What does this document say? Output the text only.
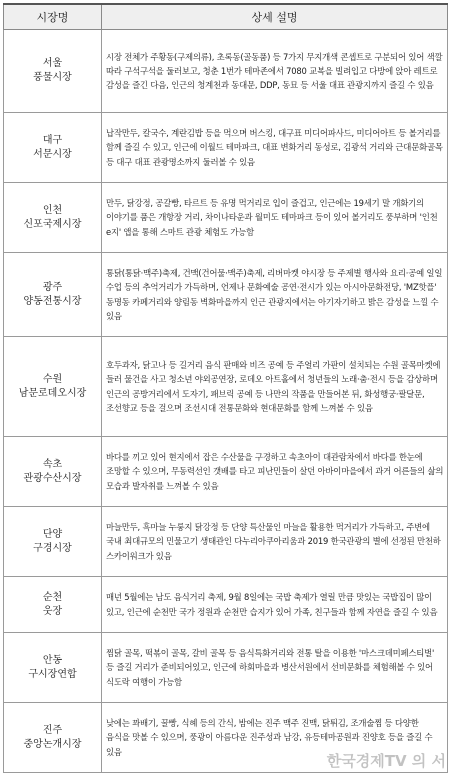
시장명	상세 설명
서울
풍물시장	시장 전체가 주황동(구제의류), 초록동(골동품) 등 7가지 무지개색 콘셉트로 구분되어 있어 색깔 따라 구석구석을 둘러보고, 청춘 1번가 테마존에서 7080 교복을 빌려입고 다방에 앉아 레트로 감성을 즐긴 다음, 인근의 청계천과 동대문, DDP, 동묘 등 서울 대표 관광지까지 즐길 수 있음
대구
서문시장	납작만두, 칼국수, 계란김밥 등을 먹으며 버스킹, 대구표 미디어파사드, 미디어아트 등 볼거리를 함께 즐길 수 있고, 인근에 이월드 테마파크, 대표 변화거리 동성로, 김광석 거리와 근대문화골목 등 대구 대표 관광명소까지 둘러볼 수 있음
인천
신포국제시장	만두, 닭강정, 공갈빵, 타르트 등 유명 먹거리로 입이 즐겁고, 인근에는 19세기 말 개화기의 이야기를 품은 개항장 거리, 차이나타운과 월미도 테마파크 등이 있어 볼거리도 풍부하며 '인천 e지' 앱을 통해 스마트 관광 체험도 가능함
광주
양동전통시장	통닭(통닭·맥주)축제, 건맥(건어물·맥주)축제, 리버마켓 야시장 등 주제별 행사와 요리·공예 일일 수업 등의 추억거리가 가득하며, 언제나 문화예술 공연·전시가 있는 아시아문화전당, 'MZ핫플' 동명동 카페거리와 양림동 벽화마을까지 인근 관광지에서는 아기자기하고 밝은 감성을 느낄 수 있음
수원
남문로데오시장	호두과자, 닭고나 등 길거리 음식 판매와 비즈 공예 등 주얼리 가판이 설치되는 수원 골목마켓에 들러 물건을 사고 청소년 야외공연장, 로데오 아트홀에서 청년들의 노래·춤·전시 등을 감상하며 인근의 공방거리에서 도자기, 패브릭 공예 등 나만의 작품을 만들어본 뒤, 화성행궁·팔달문, 조선향교 등을 걸으며 조선시대 전통문화와 현대문화를 함께 느껴볼 수 있음
속초
관광수산시장	바다를 끼고 있어 현지에서 잡은 수산물을 구경하고 속초아이 대관람차에서 바다를 한눈에 조망할 수 있으며, 무동력선인 갯배를 타고 피난민들이 살던 아바이마을에서 과거 어른들의 삶의 모습과 발자취를 느껴볼 수 있음
단양
구경시장	마늘만두, 흑마늘 누룽지 닭강정 등 단양 특산물인 마늘을 활용한 먹거리가 가득하고, 주변에 국내 최대규모의 민물고기 생태관인 다누리아쿠아리움과 2019 한국관광의 별에 선정된 만천하 스카이워크가 있음
순천
웃장	매년 5월에는 남도 음식거리 축제, 9월 8일에는 국밥 축제가 열릴 만큼 맛있는 국밥집이 많이 있고, 인근에 순천만 국가 정원과 순천만 습지가 있어 가족, 친구들과 함께 자연을 즐길 수 있음
안동
구시장연합	찜닭 골목, 떡볶이 골목, 갈비 골목 등 음식특화거리와 전통 탈을 이용한 '마스크데미페스티벌' 등 즐길 거리가 준비되어있고, 인근에 하회마을과 병산서원에서 선비문화를 체험해볼 수 있어 식도락 여행이 가능함
진주
중앙논개시장	낮에는 꽈배기, 꿀빵, 식혜 등의 간식, 밤에는 진주 맥주 진맥, 닭튀김, 조개술찜 등 다양한 음식을 맛볼 수 있으며, 풍광이 아름다운 진주성과 남강, 유등테마공원과 진양호 등을 즐길 수 있음
한국경제TV 의 서
